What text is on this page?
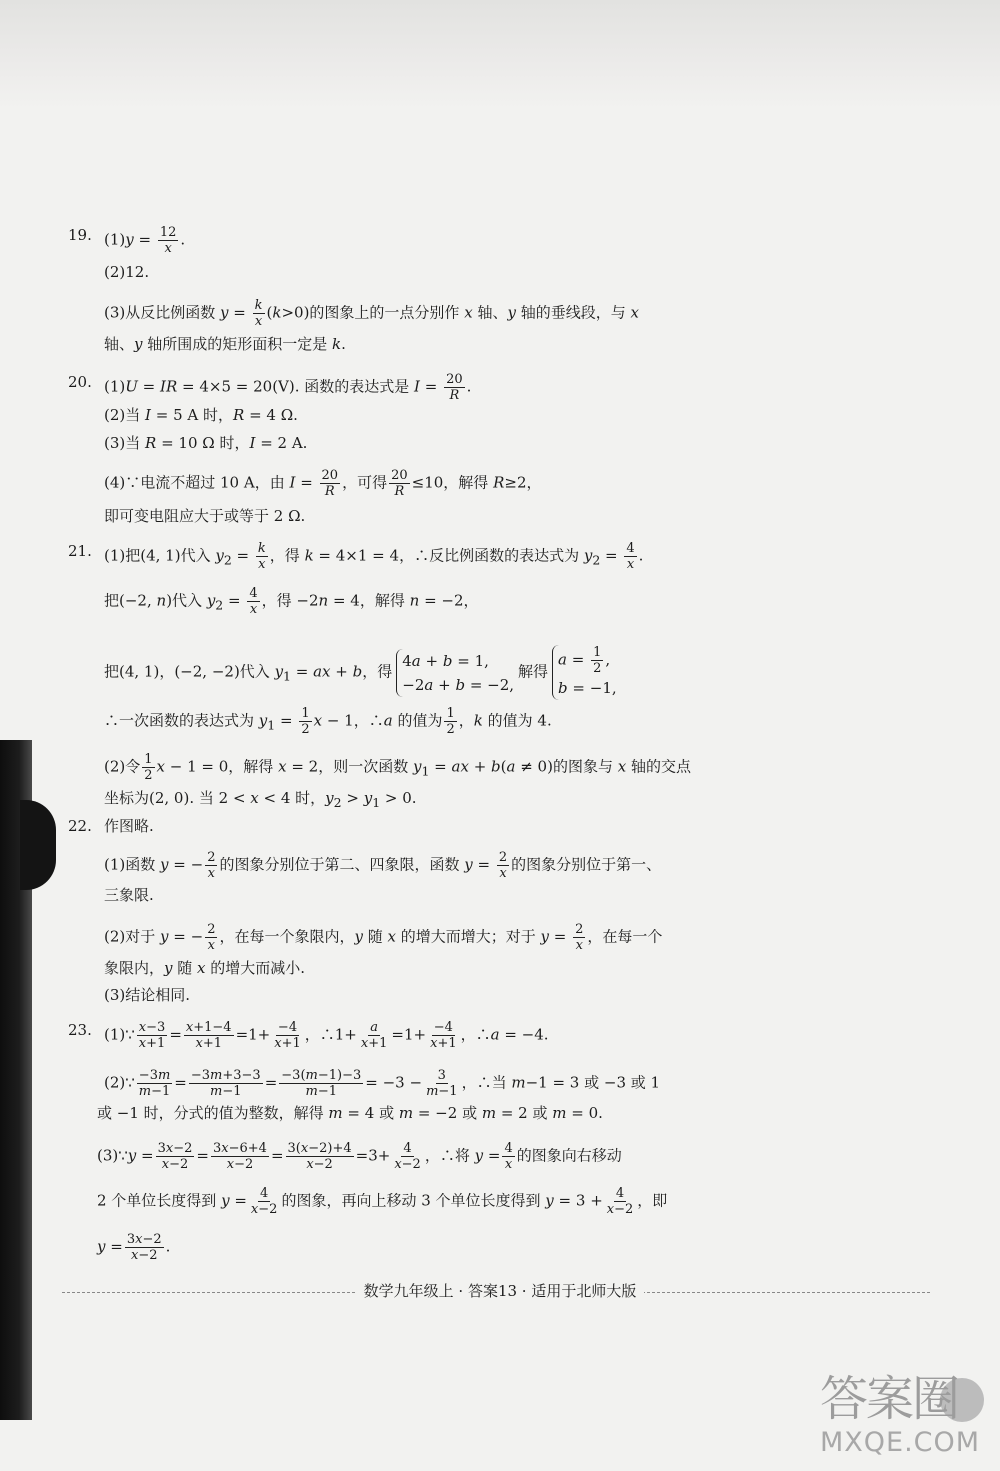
19. $(1)y = \frac{12}{x}$ .
(2)12.
(3)从反比例函数 $y = \frac{k}{x} (k>0)$的图象上的一点分别作 x 轴、y 轴的垂线段，与 x
轴、y 轴所围成的矩形面积一定是 k.
20. (1)U = IR = 4×5 = 20(V). 函数的表达式是 $I = \frac{20}{R}$ .
(2)当 I = 5 A 时，R = 4 Ω.
(3)当 R = 10 Ω 时，I = 2 A.
(4)∵电流不超过 10 A，由 $I = \frac{20}{R}$ ，可得 $\frac{20}{R} \le 10$，解得 R≥2，
即可变电阻应大于或等于 2 Ω.
21. (1)把(4, 1)代入 $y_2 = \frac{k}{x}$ ，得 k = 4×1 = 4，∴反比例函数的表达式为 $y_2 = \frac{4}{x}$ .
把(−2, n)代入 $y_2 = \frac{4}{x}$ ，得 −2n = 4，解得 n = −2，
把(4, 1)，(−2, −2)代入 $y_1$ = ax + b，得
4a + b = 1,
−2a + b = −2,
解得
$a = \frac{1}{2}$ ,
b = −1,
∴一次函数的表达式为 $y_1 = \frac{1}{2}$ x − 1，∴a 的值为 $\frac{1}{2}$ ，k 的值为 4.
(2)令 $\frac{1}{2}$ x − 1 = 0，解得 x = 2，则一次函数 $y_1$ = ax + b(a ≠ 0)的图象与 x 轴的交点
坐标为(2, 0). 当 2 < x < 4 时，$y_2 > y_1 > 0$.
22. 作图略.
(1)函数 y = − $\frac{2}{x}$ 的图象分别位于第二、四象限，函数 $y = \frac{2}{x}$ 的图象分别位于第一、
三象限.
(2)对于 y = − $\frac{2}{x}$ ，在每一个象限内，y 随 x 的增大而增大；对于 $y = \frac{2}{x}$ ，在每一个
象限内，y 随 x 的增大而减小.
(3)结论相同.
23. (1)∵ $\frac{x-3}{x+1} = \frac{x+1-4}{x+1} =1+ \frac{-4}{x+1}$ ，∴1+ $\frac{a}{x+1} =1+ \frac{-4}{x+1}$ ，∴a = −4.
(2)∵ $\frac{-3m}{m-1} = \frac{-3m+3-3}{m-1} = \frac{-3(m-1)-3}{m-1} = -3 - \frac{3}{m-1}$ ，∴当 m−1 = 3 或 −3 或 1
或 −1 时，分式的值为整数，解得 m = 4 或 m = −2 或 m = 2 或 m = 0.
(3)∵y = $\frac{3x-2}{x-2} = \frac{3x-6+4}{x-2} = \frac{3(x-2)+4}{x-2} =3+ \frac{4}{x-2}$ ，∴将 $y = \frac{4}{x}$ 的图象向右移动
2 个单位长度得到 $y = \frac{4}{x-2}$ 的图象，再向上移动 3 个单位长度得到 $y = 3 + \frac{4}{x-2}$ ，即
$y = \frac{3x-2}{x-2}$ .
数学九年级上 · 答案13 · 适用于北师大版
答案圈
MXQE.COM
